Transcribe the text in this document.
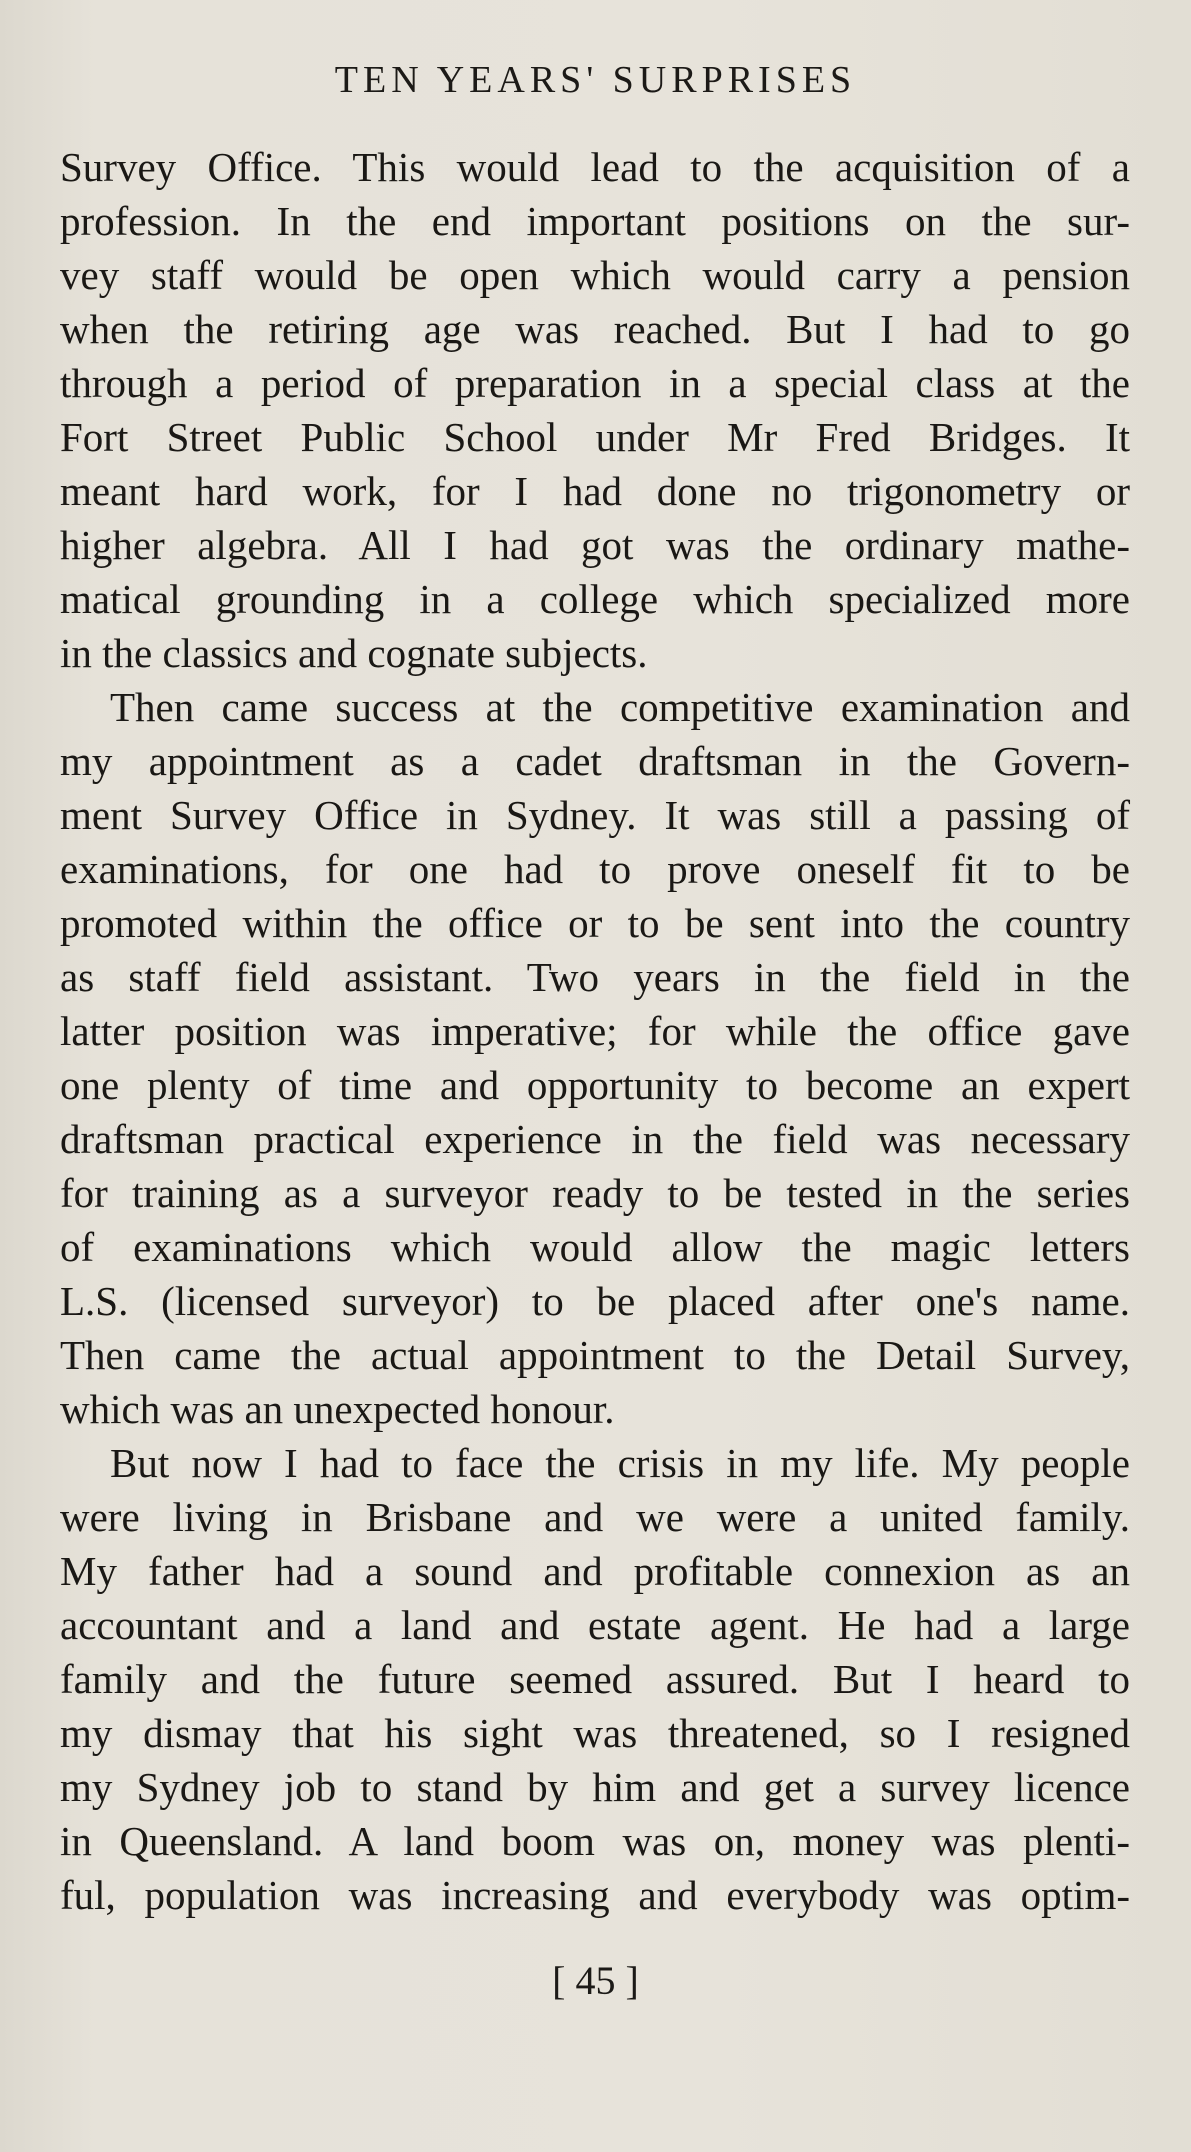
TEN YEARS' SURPRISES
Survey Office. This would lead to the acquisition of a
profession. In the end important positions on the sur-
vey staff would be open which would carry a pension
when the retiring age was reached. But I had to go
through a period of preparation in a special class at the
Fort Street Public School under Mr Fred Bridges. It
meant hard work, for I had done no trigonometry or
higher algebra. All I had got was the ordinary mathe-
matical grounding in a college which specialized more
in the classics and cognate subjects.
Then came success at the competitive examination and
my appointment as a cadet draftsman in the Govern-
ment Survey Office in Sydney. It was still a passing of
examinations, for one had to prove oneself fit to be
promoted within the office or to be sent into the country
as staff field assistant. Two years in the field in the
latter position was imperative; for while the office gave
one plenty of time and opportunity to become an expert
draftsman practical experience in the field was necessary
for training as a surveyor ready to be tested in the series
of examinations which would allow the magic letters
L.S. (licensed surveyor) to be placed after one's name.
Then came the actual appointment to the Detail Survey,
which was an unexpected honour.
But now I had to face the crisis in my life. My people
were living in Brisbane and we were a united family.
My father had a sound and profitable connexion as an
accountant and a land and estate agent. He had a large
family and the future seemed assured. But I heard to
my dismay that his sight was threatened, so I resigned
my Sydney job to stand by him and get a survey licence
in Queensland. A land boom was on, money was plenti-
ful, population was increasing and everybody was optim-
[ 45 ]
